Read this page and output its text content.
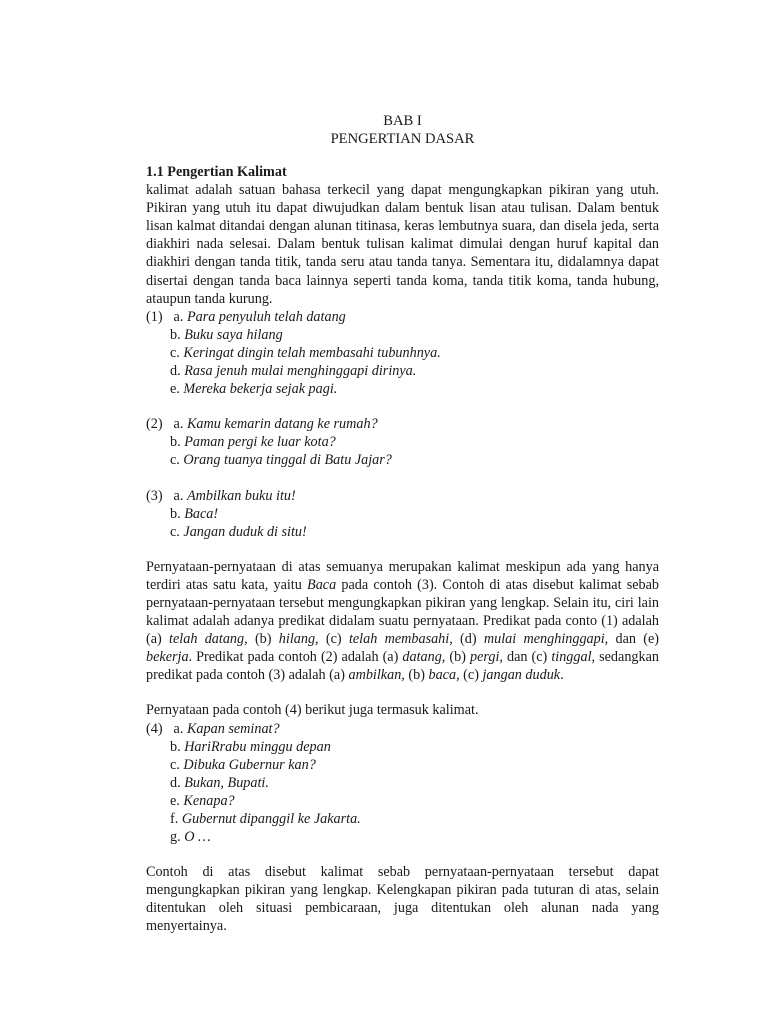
BAB I
PENGERTIAN DASAR
1.1 Pengertian Kalimat
kalimat adalah satuan bahasa terkecil yang dapat mengungkapkan pikiran yang utuh. Pikiran yang utuh itu dapat diwujudkan dalam bentuk lisan atau tulisan. Dalam bentuk lisan kalmat ditandai dengan alunan titinasa, keras lembutnya suara, dan disela jeda, serta diakhiri nada selesai. Dalam bentuk tulisan kalimat dimulai dengan huruf kapital dan diakhiri dengan tanda titik, tanda seru atau tanda tanya. Sementara itu, didalamnya dapat disertai dengan tanda baca lainnya seperti tanda koma, tanda titik koma, tanda hubung, ataupun tanda kurung.
(1) a. Para penyuluh telah datang
b. Buku saya hilang
c. Keringat dingin telah membasahi tubunhnya.
d. Rasa jenuh mulai menghinggapi dirinya.
e. Mereka bekerja sejak pagi.
(2) a. Kamu kemarin datang ke rumah?
b. Paman pergi ke luar kota?
c. Orang tuanya tinggal di Batu Jajar?
(3) a. Ambilkan buku itu!
b. Baca!
c. Jangan duduk di situ!
Pernyataan-pernyataan di atas semuanya merupakan kalimat meskipun ada yang hanya terdiri atas satu kata, yaitu Baca pada contoh (3). Contoh di atas disebut kalimat sebab pernyataan-pernyataan tersebut mengungkapkan pikiran yang lengkap. Selain itu, ciri lain kalimat adalah adanya predikat didalam suatu pernyataan. Predikat pada conto (1) adalah (a) telah datang, (b) hilang, (c) telah membasahi, (d) mulai menghinggapi, dan (e) bekerja. Predikat pada contoh (2) adalah (a) datang, (b) pergi, dan (c) tinggal, sedangkan predikat pada contoh (3) adalah (a) ambilkan, (b) baca, (c) jangan duduk.
Pernyataan pada contoh (4) berikut juga termasuk kalimat.
(4) a. Kapan seminat?
b. HariRrabu minggu depan
c. Dibuka Gubernur kan?
d. Bukan, Bupati.
e. Kenapa?
f. Gubernut dipanggil ke Jakarta.
g. O …
Contoh di atas disebut kalimat sebab pernyataan-pernyataan tersebut dapat mengungkapkan pikiran yang lengkap. Kelengkapan pikiran pada tuturan di atas, selain ditentukan oleh situasi pembicaraan, juga ditentukan oleh alunan nada yang menyertainya.
